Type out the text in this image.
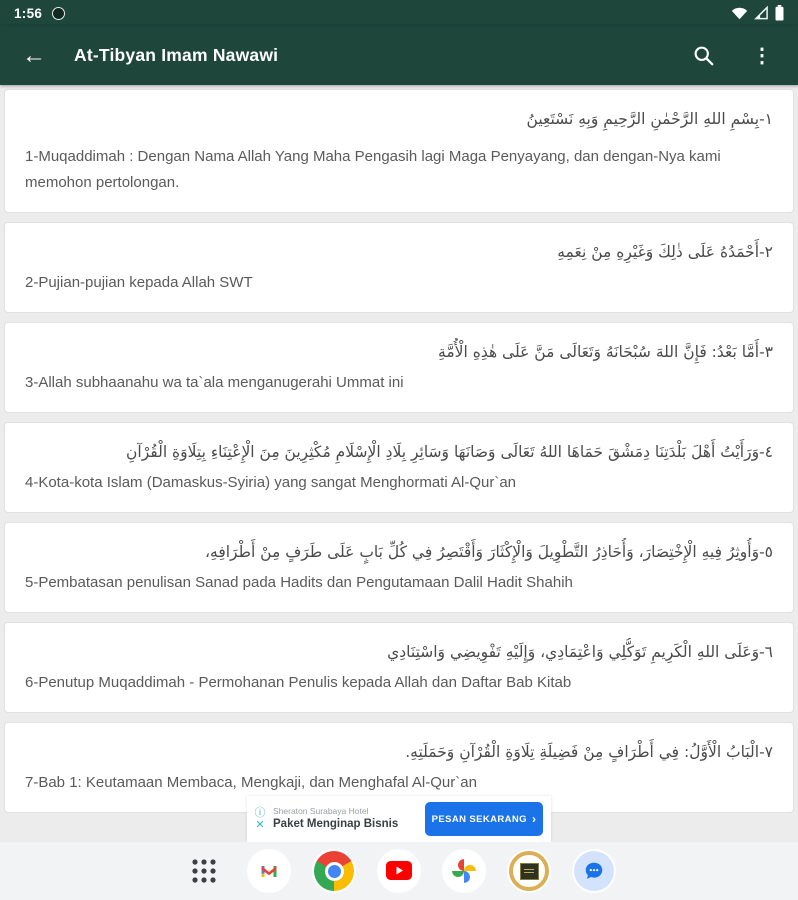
1:56
←	At-Tibyan Imam Nawawi	⋮
١-بِسْمِ اللهِ الرَّحْمٰنِ الرَّحِيمِ وَبِهِ نَسْتَعِينُ
1-Muqaddimah : Dengan Nama Allah Yang Maha Pengasih lagi Maga Penyayang, dan dengan-Nya kami memohon pertolongan.
٢-أَحْمَدُهُ عَلَى ذٰلِكَ وَغَيْرِهِ مِنْ نِعَمِهِ
2-Pujian-pujian kepada Allah SWT
٣-أَمَّا بَعْدُ: فَإِنَّ اللهَ سُبْحَانَهُ وَتَعَالَى مَنَّ عَلَى هٰذِهِ الْأُمَّةِ
3-Allah subhaanahu wa ta`ala menganugerahi Ummat ini
٤-وَرَأَيْتُ أَهْلَ بَلْدَتِنَا دِمَشْقَ حَمَاهَا اللهُ تَعَالَى وَصَانَهَا وَسَائِرِ بِلَادِ الْإِسْلَامِ مُكْثِرِينَ مِنَ الْإِعْتِنَاءِ بِتِلَاوَةِ الْقُرْآنِ
4-Kota-kota Islam (Damaskus-Syiria) yang sangat Menghormati Al-Qur`an
٥-وَأُوثِرُ فِيهِ الْإِخْتِصَارَ، وَأُحَاذِرُ التَّطْوِيلَ وَالْإِكْثَارَ وَأَقْتَصِرُ فِي كُلِّ بَابٍ عَلَى طَرَفٍ مِنْ أَطْرَافِهِ،
5-Pembatasan penulisan Sanad pada Hadits dan Pengutamaan Dalil Hadit Shahih
٦-وَعَلَى اللهِ الْكَرِيمِ تَوَكُّلِي وَاعْتِمَادِي، وَإِلَيْهِ تَفْوِيضِي وَاسْتِنَادِي
6-Penutup Muqaddimah - Permohanan Penulis kepada Allah dan Daftar Bab Kitab
٧-الْبَابُ الْأَوَّلُ: فِي أَطْرَافٍ مِنْ فَضِيلَةِ تِلَاوَةِ الْقُرْآنِ وَحَمَلَتِهِ.
7-Bab 1: Keutamaan Membaca, Mengkaji, dan Menghafal Al-Qur`an
ⓘ
✕
Sheraton Surabaya Hotel
Paket Menginap Bisnis	PESAN SEKARANG ›
